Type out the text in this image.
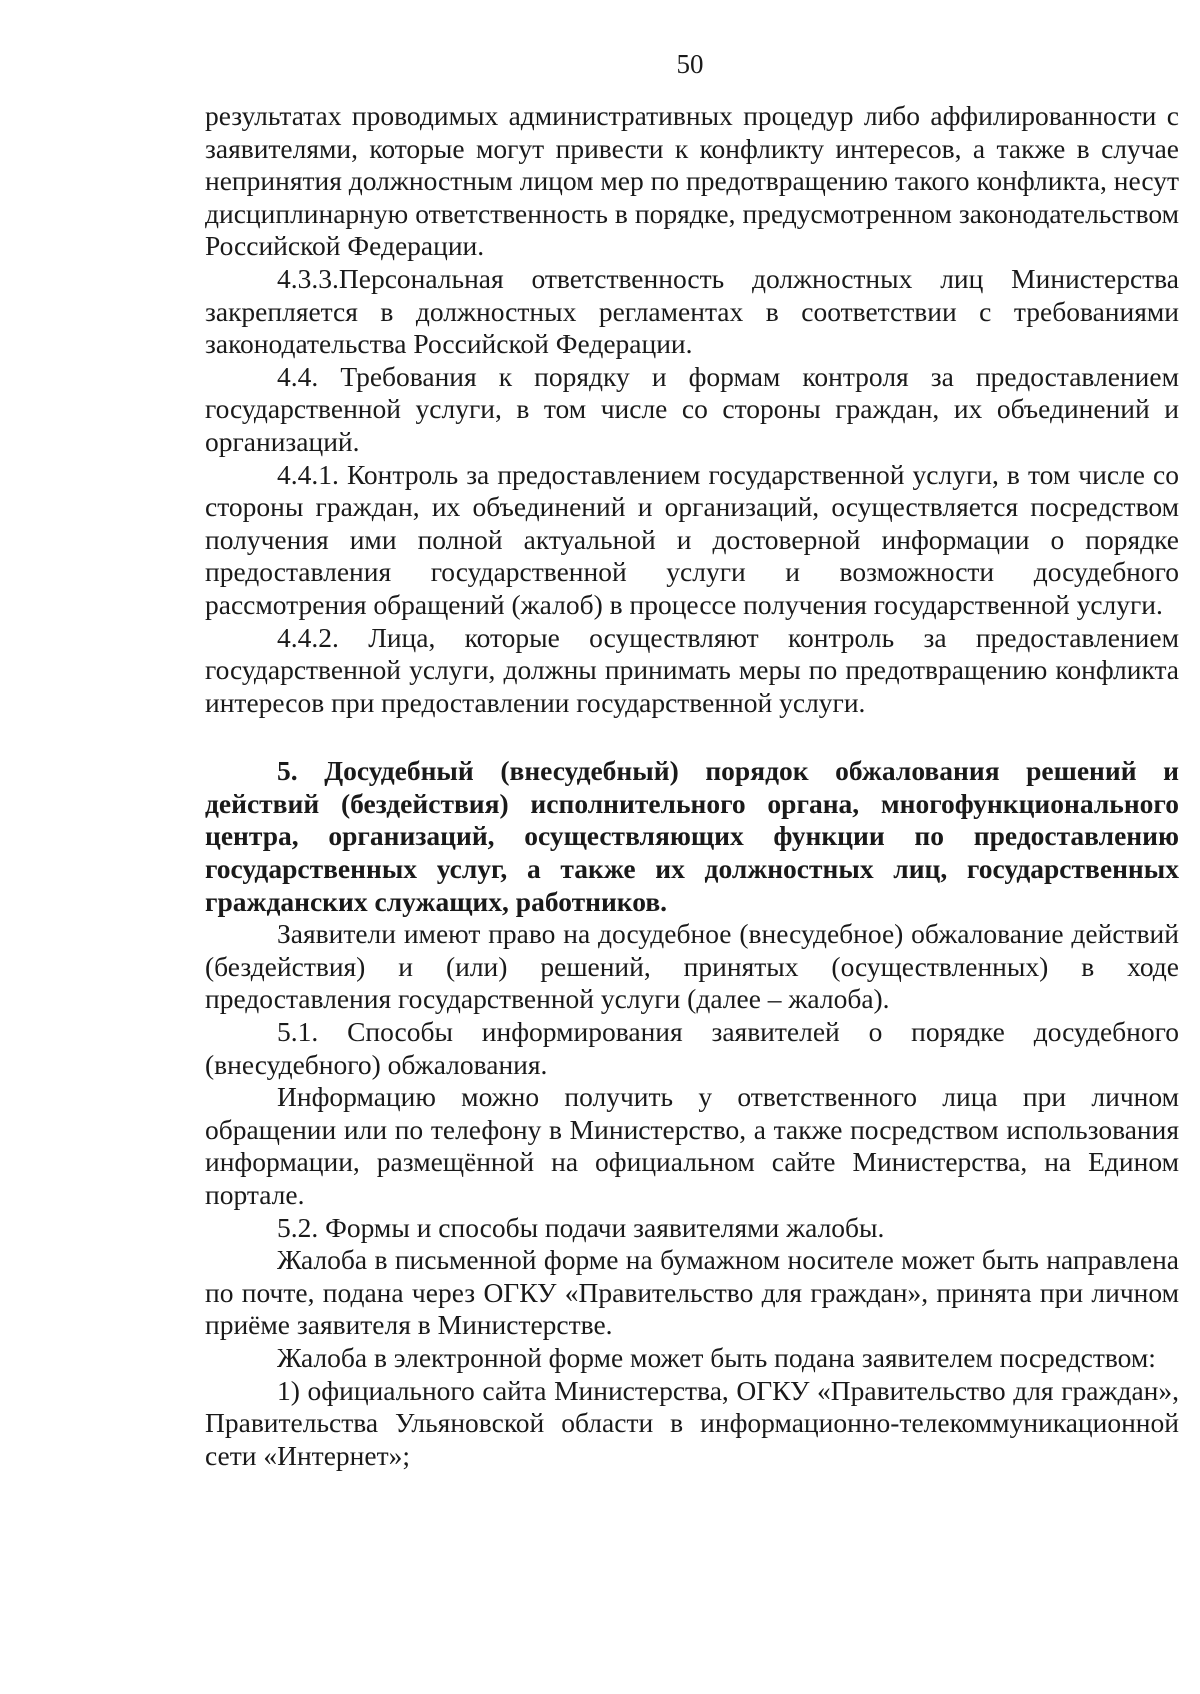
50

результатах проводимых административных процедур либо аффилированности с заявителями, которые могут привести к конфликту интересов, а также в случае непринятия должностным лицом мер по предотвращению такого конфликта, несут дисциплинарную ответственность в порядке, предусмотренном законодательством Российской Федерации.

4.3.3.Персональная ответственность должностных лиц Министерства закрепляется в должностных регламентах в соответствии с требованиями законодательства Российской Федерации.

4.4. Требования к порядку и формам контроля за предоставлением государственной услуги, в том числе со стороны граждан, их объединений и организаций.

4.4.1. Контроль за предоставлением государственной услуги, в том числе со стороны граждан, их объединений и организаций, осуществляется посредством получения ими полной актуальной и достоверной информации о порядке предоставления государственной услуги и возможности досудебного рассмотрения обращений (жалоб) в процессе получения государственной услуги.

4.4.2. Лица, которые осуществляют контроль за предоставлением государственной услуги, должны принимать меры по предотвращению конфликта интересов при предоставлении государственной услуги.

5. Досудебный (внесудебный) порядок обжалования решений и действий (бездействия) исполнительного органа, многофункционального центра, организаций, осуществляющих функции по предоставлению государственных услуг, а также их должностных лиц, государственных гражданских служащих, работников.

Заявители имеют право на досудебное (внесудебное) обжалование действий (бездействия) и (или) решений, принятых (осуществленных) в ходе предоставления государственной услуги (далее – жалоба).

5.1. Способы информирования заявителей о порядке досудебного (внесудебного) обжалования.

Информацию можно получить у ответственного лица при личном обращении или по телефону в Министерство, а также посредством использования информации, размещённой на официальном сайте Министерства, на Едином портале.

5.2. Формы и способы подачи заявителями жалобы.

Жалоба в письменной форме на бумажном носителе может быть направлена по почте, подана через ОГКУ «Правительство для граждан», принята при личном приёме заявителя в Министерстве.

Жалоба в электронной форме может быть подана заявителем посредством:

1) официального сайта Министерства, ОГКУ «Правительство для граждан», Правительства Ульяновской области в информационно-телекоммуникационной сети «Интернет»;
